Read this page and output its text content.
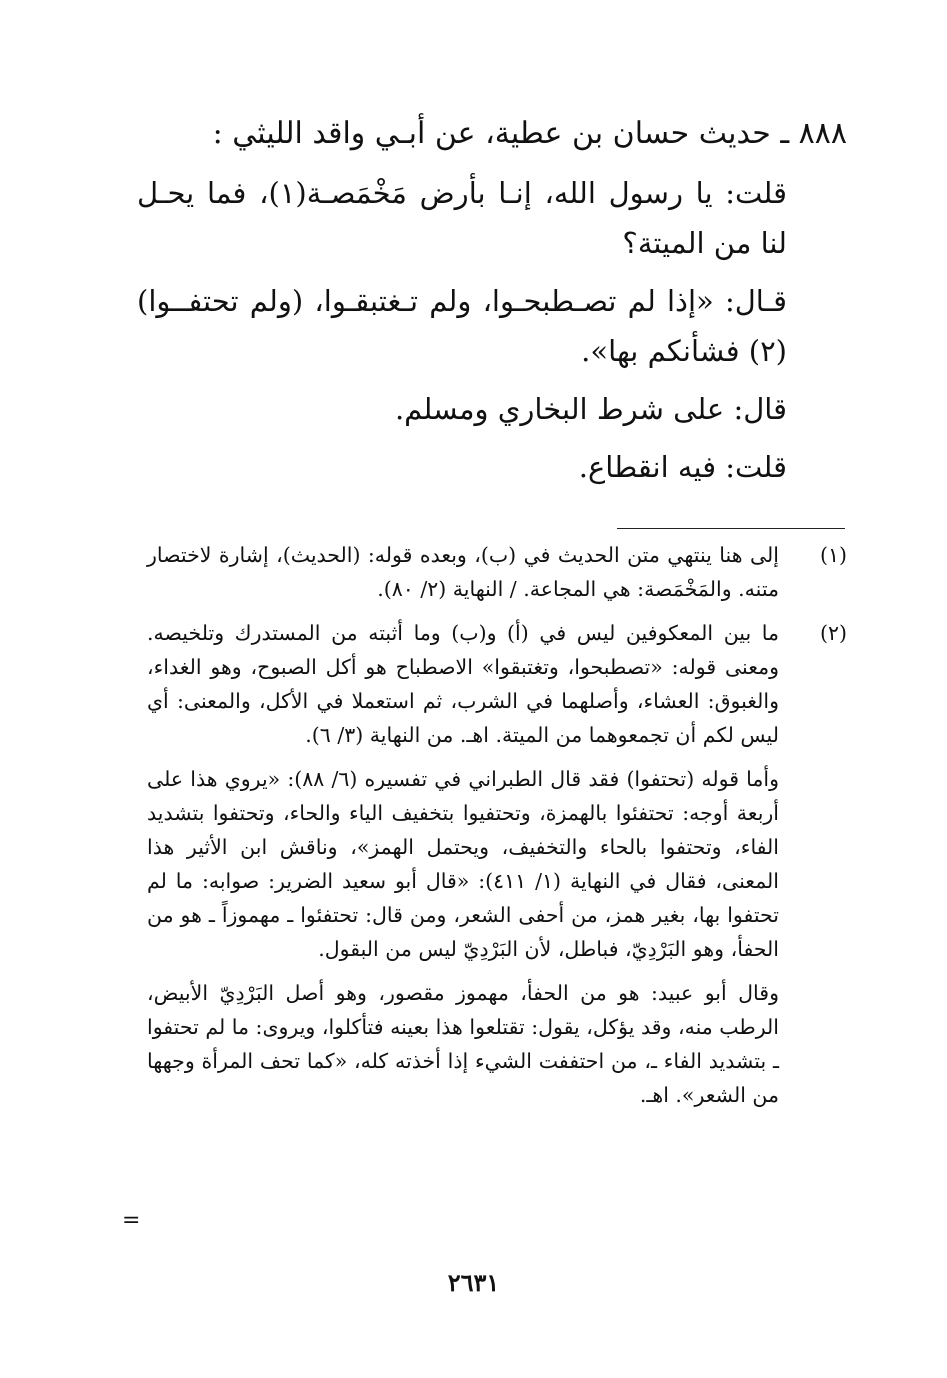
٨٨٨ ـ حديث حسان بن عطية، عن أبـي واقد الليثي :

قلت: يا رسول الله، إنـا بأرض مَخْمَصـة(١)، فما يحـل لنا من الميتة؟

قـال: «إذا لم تصـطبحـوا، ولم تـغتبقـوا، (ولم تحتفــوا)(٢) فشأنكم بها».

قال: على شرط البخاري ومسلم.

قلت: فيه انقطاع.

(١)
إلى هنا ينتهي متن الحديث في (ب)، وبعده قوله: (الحديث)، إشارة لاختصار متنه. والمَخْمَصة: هي المجاعة. / النهاية (٢/ ٨٠).
(٢)
ما بين المعكوفين ليس في (أ) و(ب) وما أثبته من المستدرك وتلخيصه. ومعنى قوله: «تصطبحوا، وتغتبقوا» الاصطباح هو أكل الصبوح، وهو الغداء، والغبوق: العشاء، وأصلهما في الشرب، ثم استعملا في الأكل، والمعنى: أي ليس لكم أن تجمعوهما من الميتة. اهـ. من النهاية (٣/ ٦).

وأما قوله (تحتفوا) فقد قال الطبراني في تفسيره (٦/ ٨٨): «يروي هذا على أربعة أوجه: تحتفئوا بالهمزة، وتحتفيوا بتخفيف الياء والحاء، وتحتفوا بتشديد الفاء، وتحتفوا بالحاء والتخفيف، ويحتمل الهمز»، وناقش ابن الأثير هذا المعنى، فقال في النهاية (١/ ٤١١): «قال أبو سعيد الضرير: صوابه: ما لم تحتفوا بها، بغير همز، من أحفى الشعر، ومن قال: تحتفئوا ـ مهموزاً ـ هو من الحفأ، وهو البَرْدِيّ، فباطل، لأن البَرْدِيّ ليس من البقول.

وقال أبو عبيد: هو من الحفأ، مهموز مقصور، وهو أصل البَرْدِيّ الأبيض، الرطب منه، وقد يؤكل، يقول: تقتلعوا هذا بعينه فتأكلوا، ويروى: ما لم تحتفوا ـ بتشديد الفاء ـ، من احتففت الشيء إذا أخذته كله، «كما تحف المرأة وجهها من الشعر». اهـ.

=
٢٦٣١
